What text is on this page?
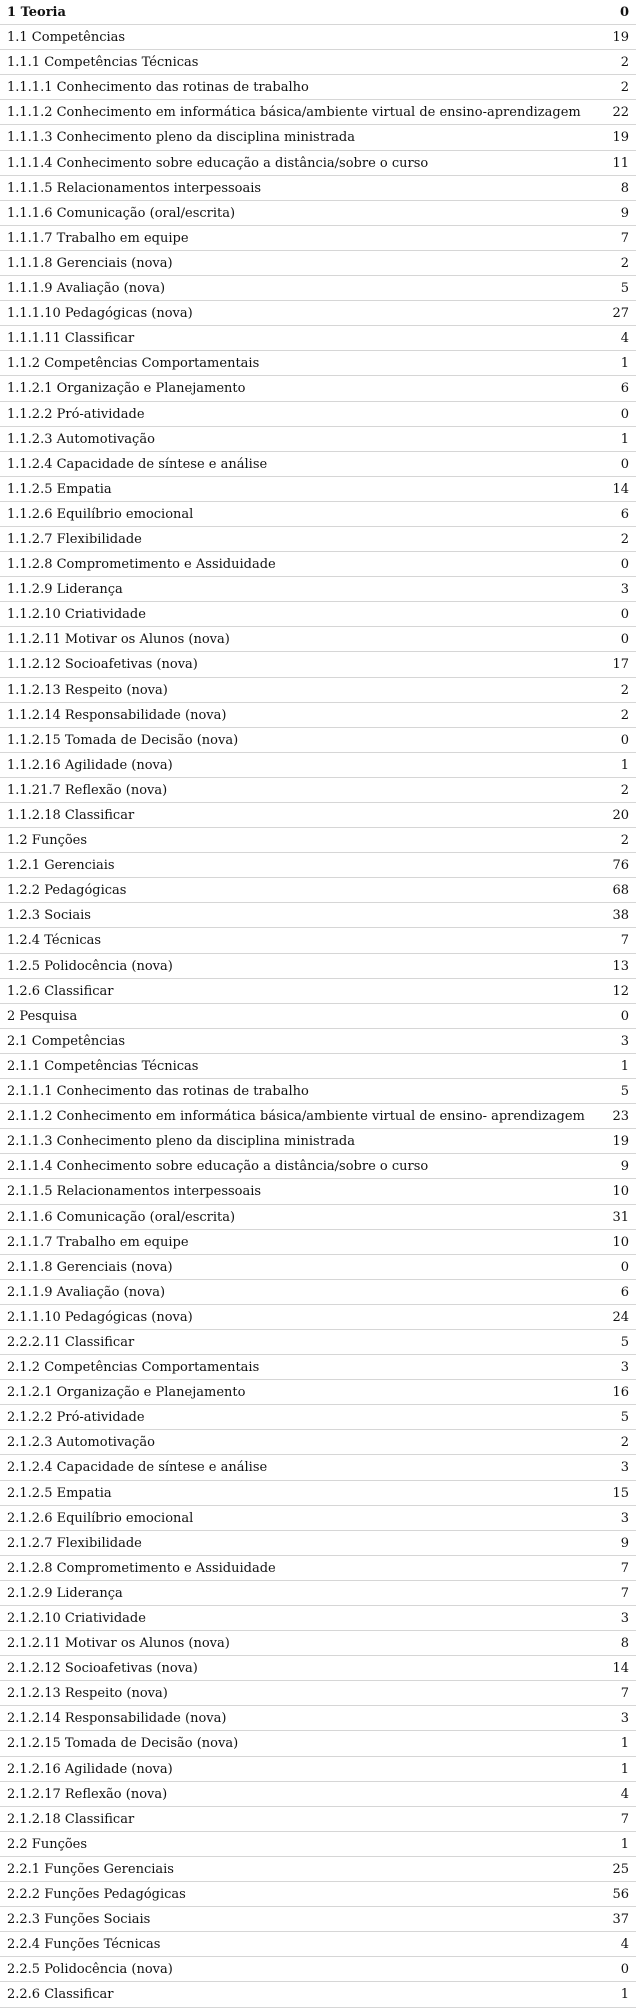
1 Teoria	0
1.1 Competências	19
1.1.1 Competências Técnicas	2
1.1.1.1 Conhecimento das rotinas de trabalho	2
1.1.1.2 Conhecimento em informática básica/ambiente virtual de ensino-aprendizagem	22
1.1.1.3 Conhecimento pleno da disciplina ministrada	19
1.1.1.4 Conhecimento sobre educação a distância/sobre o curso	11
1.1.1.5 Relacionamentos interpessoais	8
1.1.1.6 Comunicação (oral/escrita)	9
1.1.1.7 Trabalho em equipe	7
1.1.1.8 Gerenciais (nova)	2
1.1.1.9 Avaliação (nova)	5
1.1.1.10 Pedagógicas (nova)	27
1.1.1.11 Classificar	4
1.1.2 Competências Comportamentais	1
1.1.2.1 Organização e Planejamento	6
1.1.2.2 Pró-atividade	0
1.1.2.3 Automotivação	1
1.1.2.4 Capacidade de síntese e análise	0
1.1.2.5 Empatia	14
1.1.2.6 Equilíbrio emocional	6
1.1.2.7 Flexibilidade	2
1.1.2.8 Comprometimento e Assiduidade	0
1.1.2.9 Liderança	3
1.1.2.10 Criatividade	0
1.1.2.11 Motivar os Alunos (nova)	0
1.1.2.12 Socioafetivas (nova)	17
1.1.2.13 Respeito (nova)	2
1.1.2.14 Responsabilidade (nova)	2
1.1.2.15 Tomada de Decisão (nova)	0
1.1.2.16 Agilidade (nova)	1
1.1.21.7 Reflexão (nova)	2
1.1.2.18 Classificar	20
1.2 Funções	2
1.2.1 Gerenciais	76
1.2.2 Pedagógicas	68
1.2.3 Sociais	38
1.2.4 Técnicas	7
1.2.5 Polidocência (nova)	13
1.2.6 Classificar	12
2 Pesquisa	0
2.1 Competências	3
2.1.1 Competências Técnicas	1
2.1.1.1 Conhecimento das rotinas de trabalho	5
2.1.1.2 Conhecimento em informática básica/ambiente virtual de ensino- aprendizagem	23
2.1.1.3 Conhecimento pleno da disciplina ministrada	19
2.1.1.4 Conhecimento sobre educação a distância/sobre o curso	9
2.1.1.5 Relacionamentos interpessoais	10
2.1.1.6 Comunicação (oral/escrita)	31
2.1.1.7 Trabalho em equipe	10
2.1.1.8 Gerenciais (nova)	0
2.1.1.9 Avaliação (nova)	6
2.1.1.10 Pedagógicas (nova)	24
2.2.2.11 Classificar	5
2.1.2 Competências Comportamentais	3
2.1.2.1 Organização e Planejamento	16
2.1.2.2 Pró-atividade	5
2.1.2.3 Automotivação	2
2.1.2.4 Capacidade de síntese e análise	3
2.1.2.5 Empatia	15
2.1.2.6 Equilíbrio emocional	3
2.1.2.7 Flexibilidade	9
2.1.2.8 Comprometimento e Assiduidade	7
2.1.2.9 Liderança	7
2.1.2.10 Criatividade	3
2.1.2.11 Motivar os Alunos (nova)	8
2.1.2.12 Socioafetivas (nova)	14
2.1.2.13 Respeito (nova)	7
2.1.2.14 Responsabilidade (nova)	3
2.1.2.15 Tomada de Decisão (nova)	1
2.1.2.16 Agilidade (nova)	1
2.1.2.17 Reflexão (nova)	4
2.1.2.18 Classificar	7
2.2 Funções	1
2.2.1 Funções Gerenciais	25
2.2.2 Funções Pedagógicas	56
2.2.3 Funções Sociais	37
2.2.4 Funções Técnicas	4
2.2.5 Polidocência (nova)	0
2.2.6 Classificar	1
